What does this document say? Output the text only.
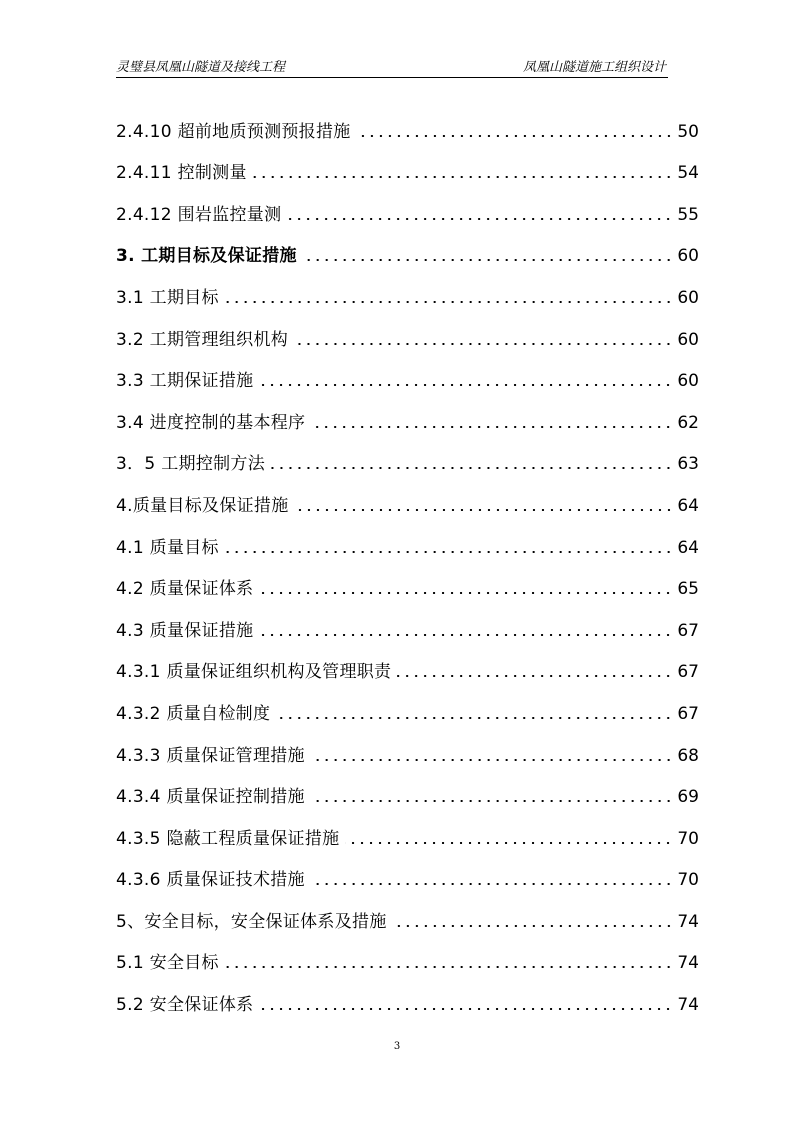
灵璧县凤凰山隧道及接线工程	凤凰山隧道施工组织设计
2.4.10 超前地质预测预报措施	50
2.4.11 控制测量	54
2.4.12 围岩监控量测	55
3. 工期目标及保证措施	60
3.1 工期目标	60
3.2 工期管理组织机构	60
3.3 工期保证措施	60
3.4 进度控制的基本程序	62
3．5 工期控制方法	63
4.质量目标及保证措施	64
4.1 质量目标	64
4.2 质量保证体系	65
4.3 质量保证措施	67
4.3.1 质量保证组织机构及管理职责	67
4.3.2 质量自检制度	67
4.3.3 质量保证管理措施	68
4.3.4 质量保证控制措施	69
4.3.5 隐蔽工程质量保证措施	70
4.3.6 质量保证技术措施	70
5、安全目标，安全保证体系及措施	74
5.1 安全目标	74
5.2 安全保证体系	74
3
